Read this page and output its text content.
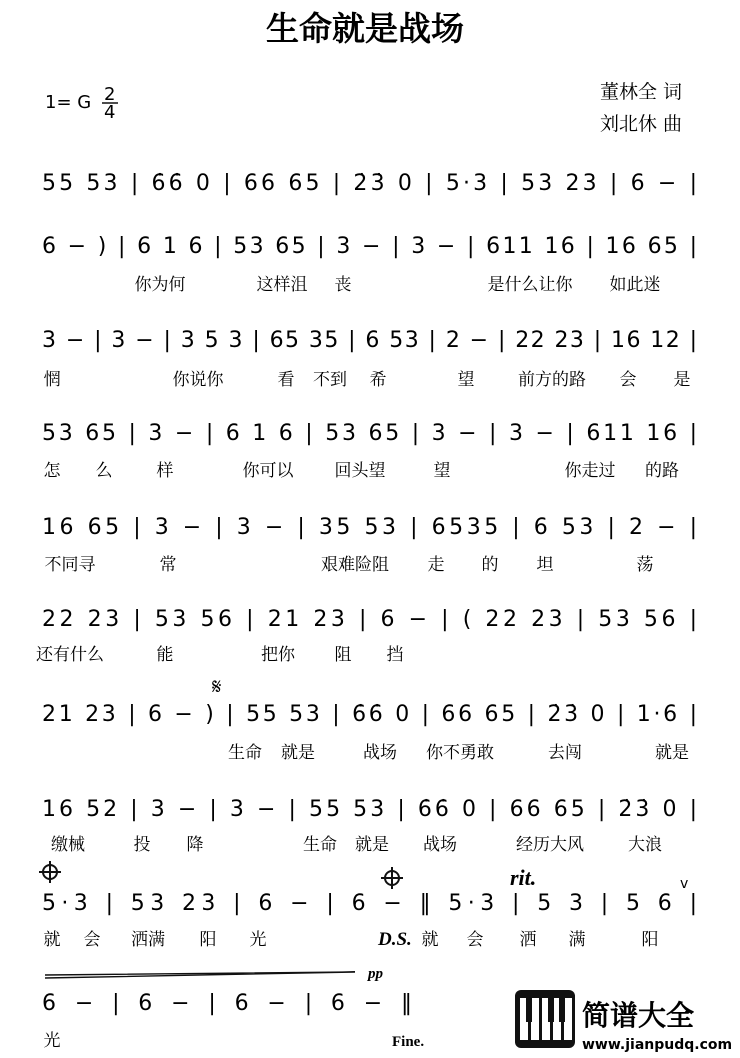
生命就是战场
1= G 2
4
董林全 词
刘北休 曲
55 53 | 6̇6̇ 0 | 66 65 | 2̇3̇ 0 | 5·3 | 53 23 | 6 − |
6 − ) | 6 1 6 | 53 65 | 3 − | 3 − | 611 16 | 16 65 |
你为何	这样沮 丧	是什么让你 如此迷
3 − | 3 − | 3 5 3 | 65 35 | 6 53 | 2 − | 22 23 | 16 12 |
惘	你说你	看 不到 希	望	前方的路 会 是
53 65 | 3 − | 6 1 6 | 53 65 | 3 − | 3 − | 611 16 |
怎 么	样	你可以 回头望	望	你走过 的路
16 65 | 3 − | 3 − | 35 53 | 6535 | 6 53 | 2 − |
不同寻	常	艰难险阻 走 的 坦	荡
22 23 | 53 56 | 21 23 | 6 − | ( 22 23 | 53 56 |
还有什么	能	把你 阻 挡
21 23 | 6 − ) | 55 53 | 6̇6̇ 0 | 66 65 | 2̇3̇ 0 | 1·6 |
生命 就是	战场 你不勇敢	去闯	就是
16 52 | 3 − | 3 − | 55 53 | 6̇6̇ 0 | 66 65 | 2̇3̇ 0 |
缴械	投 降	生命 就是 战场	经历大风	大浪
5·3 | 53 23 | 6 − | 6 − ‖ 5·3 | 5 3 | 5 6 |
就 会 洒满 阳 光	就 会 洒 满	阳
6 − | 6 − | 6 − | 6 − ‖
光
𝄋
rit.
D.S.
pp
Fine.
v
简谱大全
www.jianpudq.com
